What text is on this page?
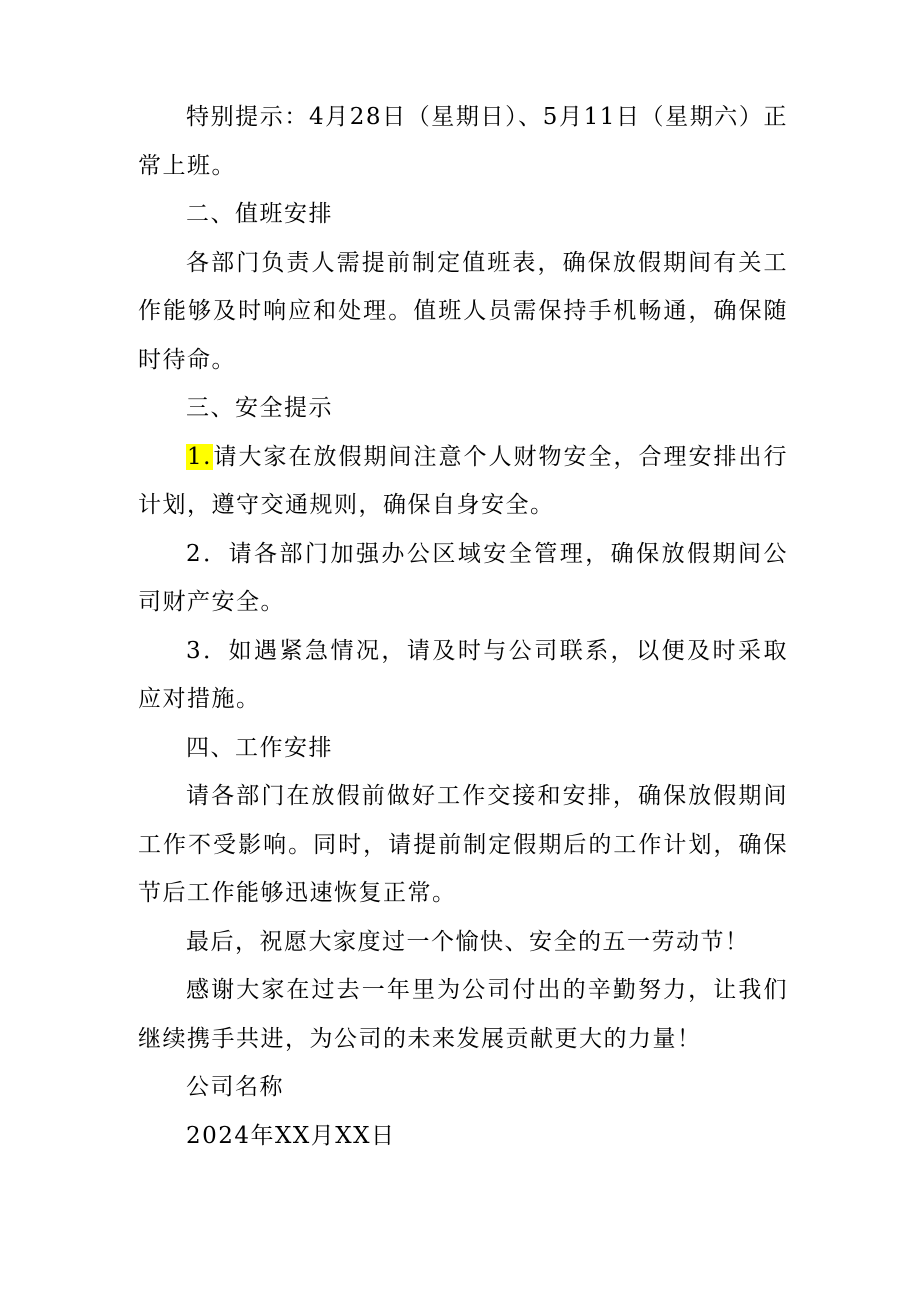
特别提示：4月28日（星期日）、5月11日（星期六）正常上班。

二、值班安排

各部门负责人需提前制定值班表，确保放假期间有关工作能够及时响应和处理。值班人员需保持手机畅通，确保随时待命。

三、安全提示

1.请大家在放假期间注意个人财物安全，合理安排出行计划，遵守交通规则，确保自身安全。

2．请各部门加强办公区域安全管理，确保放假期间公司财产安全。

3．如遇紧急情况，请及时与公司联系，以便及时采取应对措施。

四、工作安排

请各部门在放假前做好工作交接和安排，确保放假期间工作不受影响。同时，请提前制定假期后的工作计划，确保节后工作能够迅速恢复正常。

最后，祝愿大家度过一个愉快、安全的五一劳动节！

感谢大家在过去一年里为公司付出的辛勤努力，让我们继续携手共进，为公司的未来发展贡献更大的力量！

公司名称

2024年XX月XX日
